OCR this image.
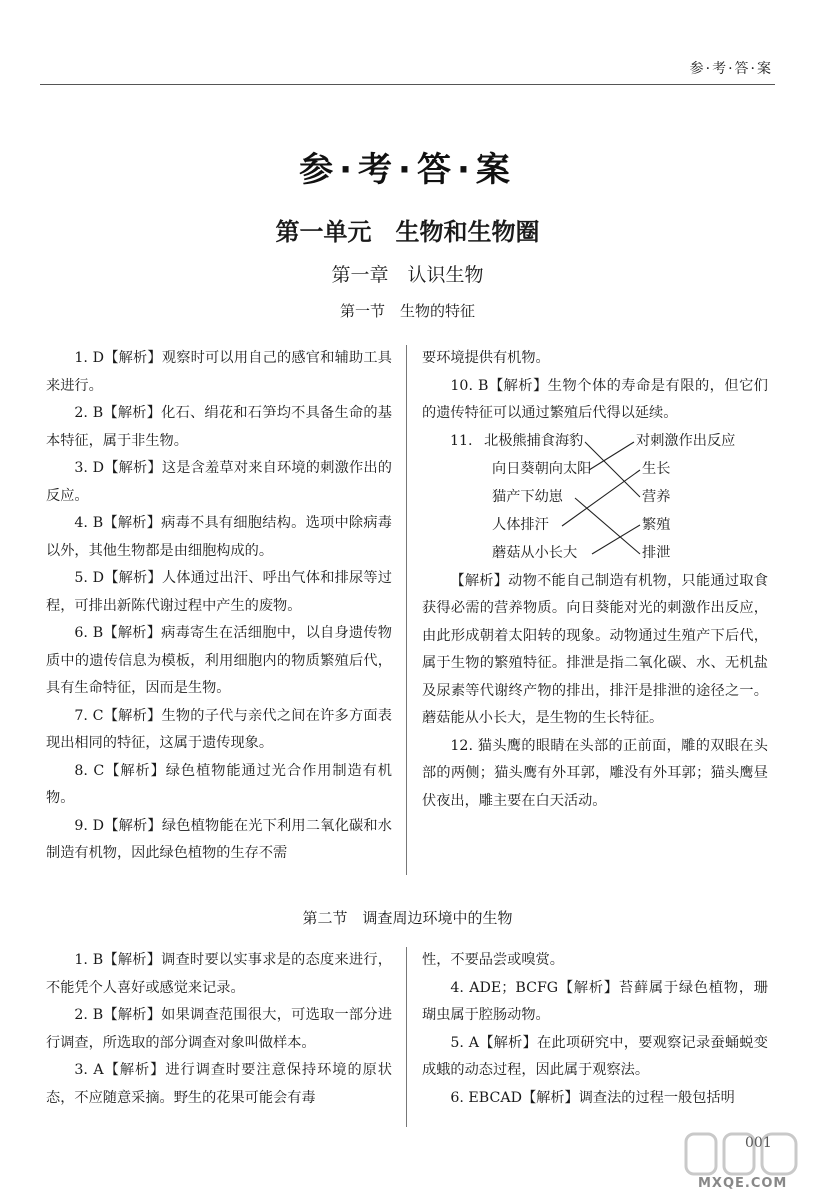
参·考·答·案
参·考·答·案
第一单元　生物和生物圈
第一章　认识生物
第一节　生物的特征

1. D【解析】观察时可以用自己的感官和辅助工具来进行。

2. B【解析】化石、绢花和石笋均不具备生命的基本特征，属于非生物。

3. D【解析】这是含羞草对来自环境的刺激作出的反应。

4. B【解析】病毒不具有细胞结构。选项中除病毒以外，其他生物都是由细胞构成的。

5. D【解析】人体通过出汗、呼出气体和排尿等过程，可排出新陈代谢过程中产生的废物。

6. B【解析】病毒寄生在活细胞中，以自身遗传物质中的遗传信息为模板，利用细胞内的物质繁殖后代，具有生命特征，因而是生物。

7. C【解析】生物的子代与亲代之间在许多方面表现出相同的特征，这属于遗传现象。

8. C【解析】绿色植物能通过光合作用制造有机物。

9. D【解析】绿色植物能在光下利用二氧化碳和水制造有机物，因此绿色植物的生存不需

要环境提供有机物。

10. B【解析】生物个体的寿命是有限的，但它们的遗传特征可以通过繁殖后代得以延续。

11. 北极熊捕食海豹
向日葵朝向太阳
猫产下幼崽
人体排汗
蘑菇从小长大
对刺激作出反应
生长
营养
繁殖
排泄

【解析】动物不能自己制造有机物，只能通过取食获得必需的营养物质。向日葵能对光的刺激作出反应，由此形成朝着太阳转的现象。动物通过生殖产下后代，属于生物的繁殖特征。排泄是指二氧化碳、水、无机盐及尿素等代谢终产物的排出，排汗是排泄的途径之一。蘑菇能从小长大，是生物的生长特征。

12. 猫头鹰的眼睛在头部的正前面，雕的双眼在头部的两侧；猫头鹰有外耳郭，雕没有外耳郭；猫头鹰昼伏夜出，雕主要在白天活动。

第二节　调查周边环境中的生物

1. B【解析】调查时要以实事求是的态度来进行，不能凭个人喜好或感觉来记录。

2. B【解析】如果调查范围很大，可选取一部分进行调查，所选取的部分调查对象叫做样本。

3. A【解析】进行调查时要注意保持环境的原状态，不应随意采摘。野生的花果可能会有毒

性，不要品尝或嗅赏。

4. ADE；BCFG【解析】苔藓属于绿色植物，珊瑚虫属于腔肠动物。

5. A【解析】在此项研究中，要观察记录蚕蛹蜕变成蛾的动态过程，因此属于观察法。

6. EBCAD【解析】调查法的过程一般包括明

001
MXQE.COM
